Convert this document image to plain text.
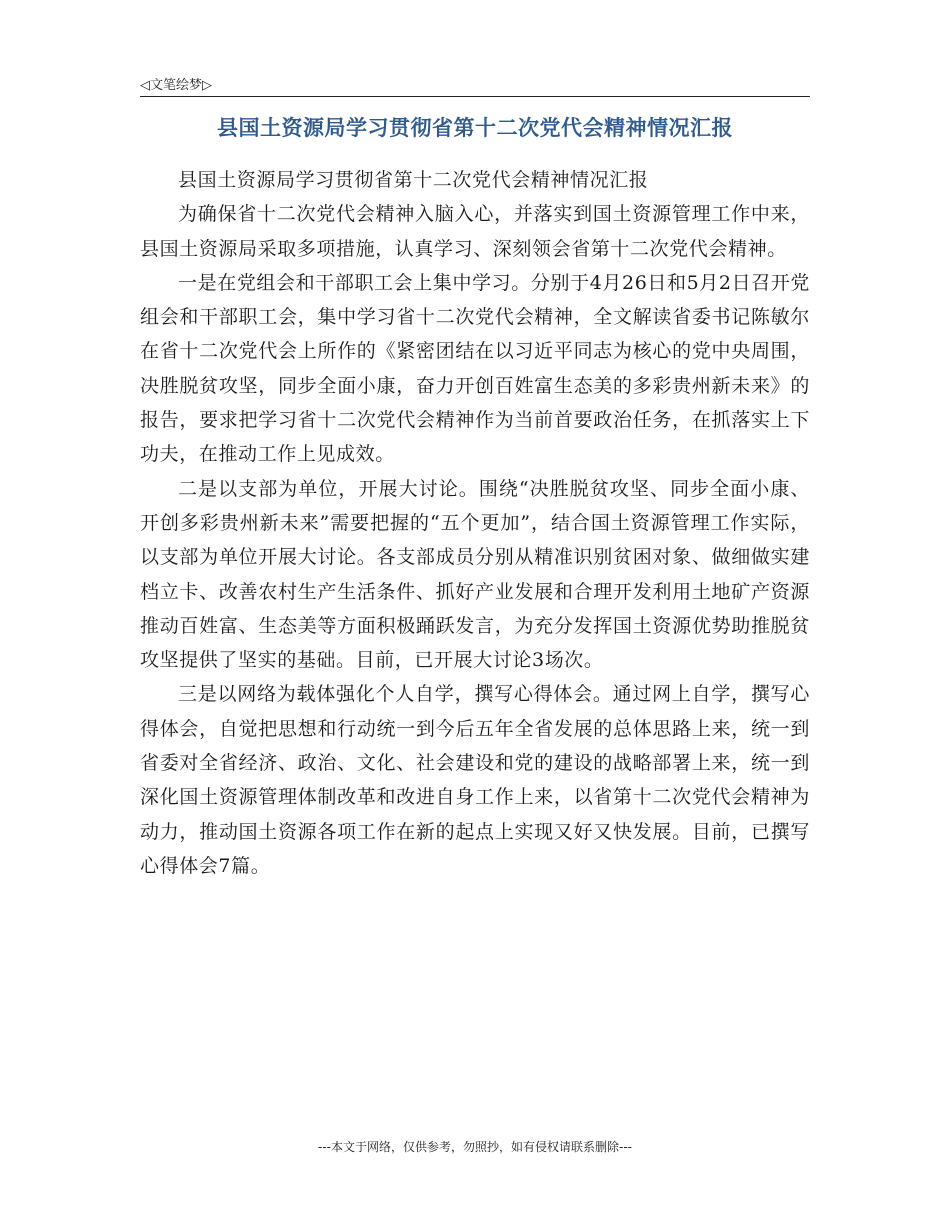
◁文笔绘梦▷
县国土资源局学习贯彻省第十二次党代会精神情况汇报

县国土资源局学习贯彻省第十二次党代会精神情况汇报

为确保省十二次党代会精神入脑入心，并落实到国土资源管理工作中来，县国土资源局采取多项措施，认真学习、深刻领会省第十二次党代会精神。

一是在党组会和干部职工会上集中学习。分别于4月26日和5月2日召开党组会和干部职工会，集中学习省十二次党代会精神，全文解读省委书记陈敏尔在省十二次党代会上所作的《紧密团结在以习近平同志为核心的党中央周围，决胜脱贫攻坚，同步全面小康，奋力开创百姓富生态美的多彩贵州新未来》的报告，要求把学习省十二次党代会精神作为当前首要政治任务，在抓落实上下功夫，在推动工作上见成效。

二是以支部为单位，开展大讨论。围绕“决胜脱贫攻坚、同步全面小康、开创多彩贵州新未来”需要把握的“五个更加”，结合国土资源管理工作实际，以支部为单位开展大讨论。各支部成员分别从精准识别贫困对象、做细做实建档立卡、改善农村生产生活条件、抓好产业发展和合理开发利用土地矿产资源推动百姓富、生态美等方面积极踊跃发言，为充分发挥国土资源优势助推脱贫攻坚提供了坚实的基础。目前，已开展大讨论3场次。

三是以网络为载体强化个人自学，撰写心得体会。通过网上自学，撰写心得体会，自觉把思想和行动统一到今后五年全省发展的总体思路上来，统一到省委对全省经济、政治、文化、社会建设和党的建设的战略部署上来，统一到深化国土资源管理体制改革和改进自身工作上来，以省第十二次党代会精神为动力，推动国土资源各项工作在新的起点上实现又好又快发展。目前，已撰写心得体会7篇。

---本文于网络，仅供参考，勿照抄，如有侵权请联系删除---
